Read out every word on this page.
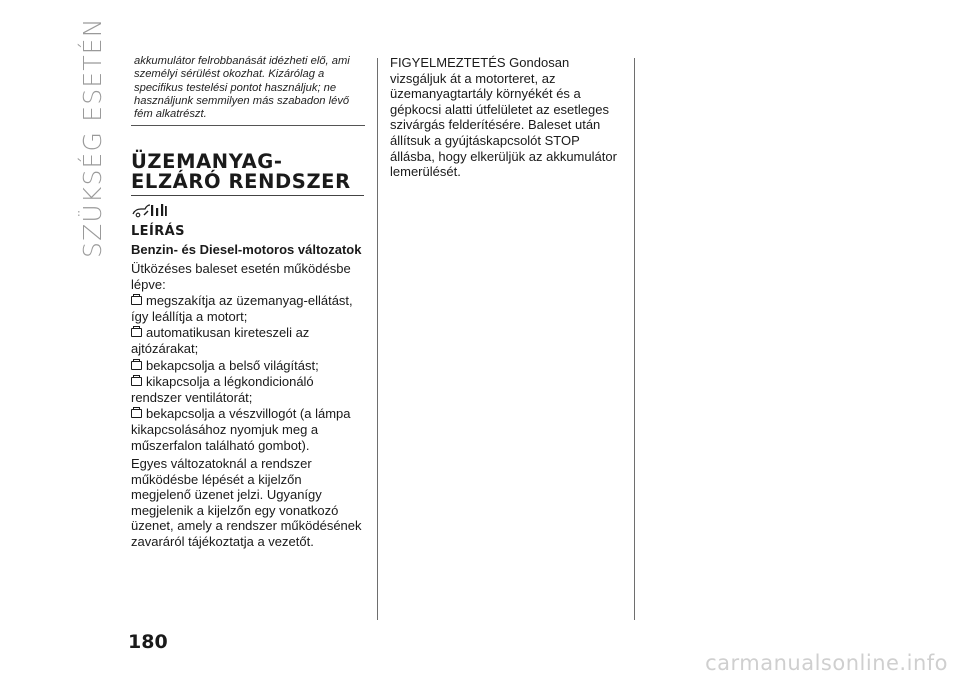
SZÜKSÉG ESETÉN akkumulátor felrobbanását idézheti elő, ami személyi sérülést okozhat. Kizárólag a specifikus testelési pontot használjuk; ne használjunk semmilyen más szabadon lévő fém alkatrészt.
ÜZEMANYAG-
ELZÁRÓ RENDSZER
LEÍRÁS
Benzin- és Diesel-motoros változatok
Ütközéses baleset esetén működésbe lépve:
megszakítja az üzemanyag-ellátást, így leállítja a motort;
automatikusan kireteszeli az ajtózárakat;
bekapcsolja a belső világítást;
kikapcsolja a légkondicionáló rendszer ventilátorát;
bekapcsolja a vészvillogót (a lámpa kikapcsolásához nyomjuk meg a műszerfalon található gombot).
Egyes változatoknál a rendszer működésbe lépését a kijelzőn megjelenő üzenet jelzi. Ugyanígy megjelenik a kijelzőn egy vonatkozó üzenet, amely a rendszer működésének zavaráról tájékoztatja a vezetőt.
FIGYELMEZTETÉS Gondosan vizsgáljuk át a motorteret, az üzemanyagtartály környékét és a gépkocsi alatti útfelületet az esetleges szivárgás felderítésére. Baleset után állítsuk a gyújtáskapcsolót STOP állásba, hogy elkerüljük az akkumulátor lemerülését.
180
carmanualsonline.info
